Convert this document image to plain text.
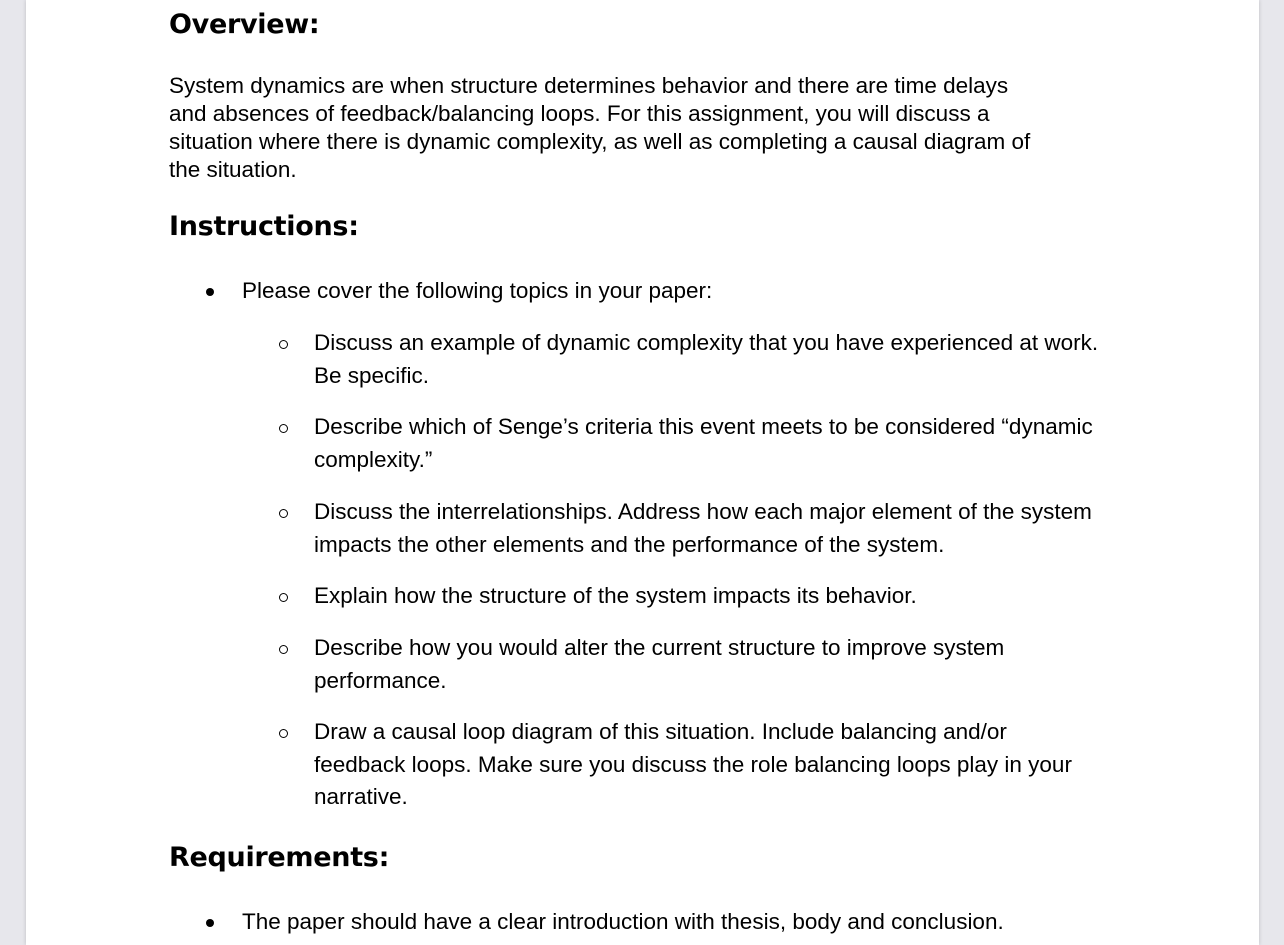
Overview:

System dynamics are when structure determines behavior and there are time delays
and absences of feedback/balancing loops. For this assignment, you will discuss a
situation where there is dynamic complexity, as well as completing a causal diagram of
the situation.

Instructions:
Please cover the following topics in your paper:
Discuss an example of dynamic complexity that you have experienced at work. Be specific.
Describe which of Senge’s criteria this event meets to be considered “dynamic complexity.”
Discuss the interrelationships. Address how each major element of the system impacts the other elements and the performance of the system.
Explain how the structure of the system impacts its behavior.
Describe how you would alter the current structure to improve system performance.
Draw a causal loop diagram of this situation. Include balancing and/or feedback loops. Make sure you discuss the role balancing loops play in your narrative.
Requirements:
The paper should have a clear introduction with thesis, body and conclusion.
